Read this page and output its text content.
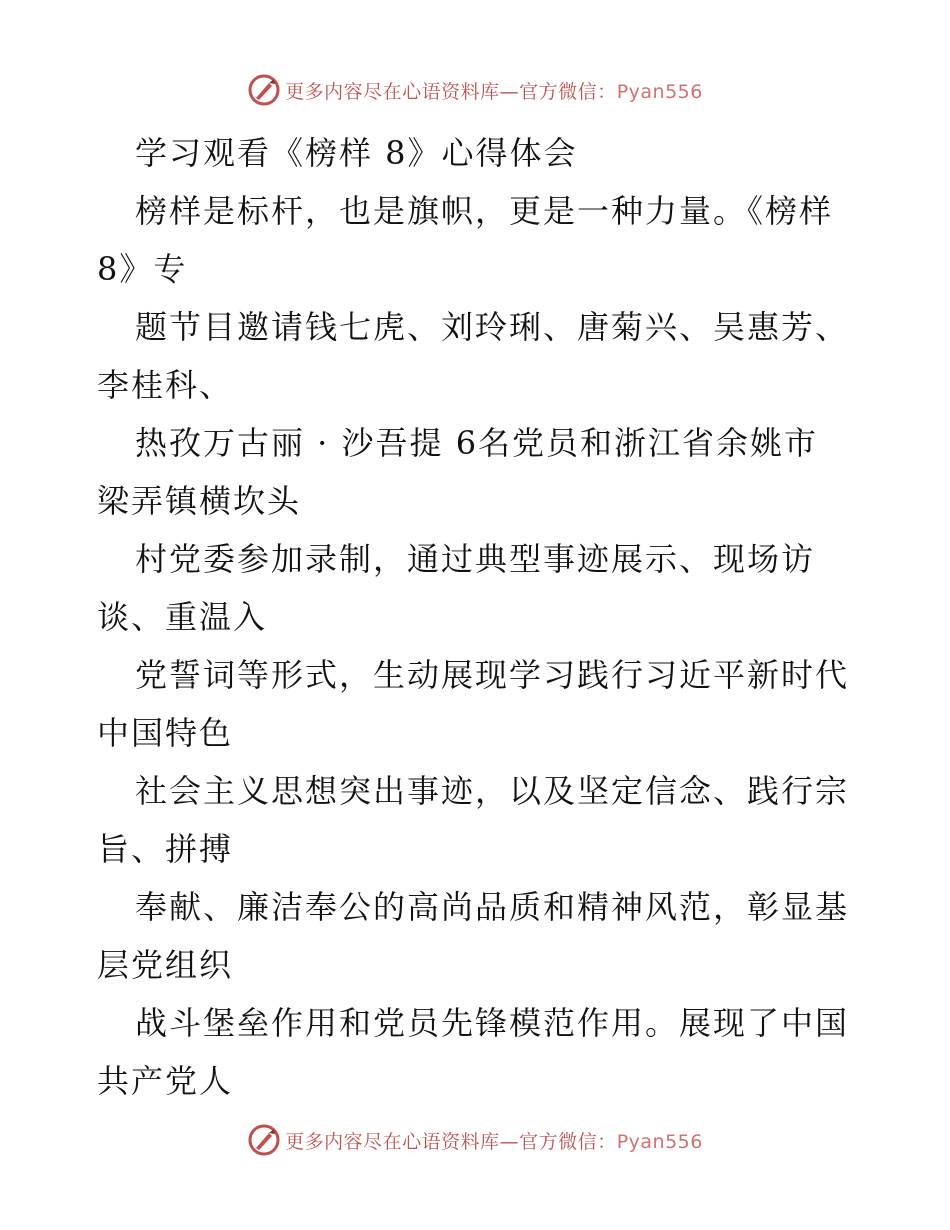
更多内容尽在心语资料库—官方微信：Pyan556
学习观看《榜样 8》心得体会
榜样是标杆，也是旗帜，更是一种力量。《榜样
8》专
题节目邀请钱七虎、刘玲琍、唐菊兴、吴惠芳、
李桂科、
热孜万古丽 · 沙吾提 6名党员和浙江省余姚市
梁弄镇横坎头
村党委参加录制，通过典型事迹展示、现场访
谈、重温入
党誓词等形式，生动展现学习践行习近平新时代
中国特色
社会主义思想突出事迹，以及坚定信念、践行宗
旨、拼搏
奉献、廉洁奉公的高尚品质和精神风范，彰显基
层党组织
战斗堡垒作用和党员先锋模范作用。展现了中国
共产党人
更多内容尽在心语资料库—官方微信：Pyan556
